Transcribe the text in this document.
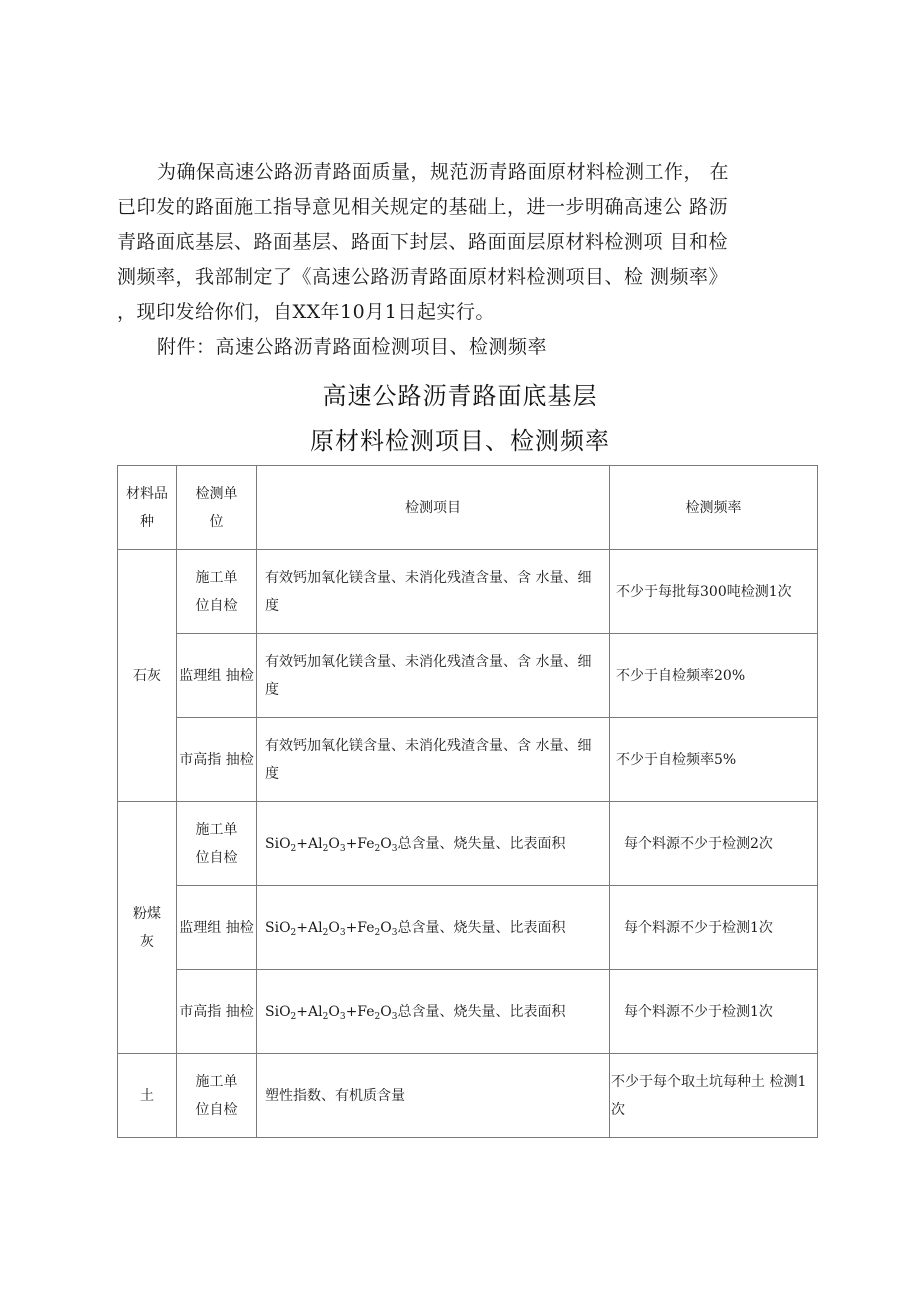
为确保高速公路沥青路面质量，规范沥青路面原材料检测工作， 在
已印发的路面施工指导意见相关规定的基础上，进一步明确高速公 路沥
青路面底基层、路面基层、路面下封层、路面面层原材料检测项 目和检
测频率，我部制定了《高速公路沥青路面原材料检测项目、检 测频率》
，现印发给你们，自XX年10月1日起实行。
附件：高速公路沥青路面检测项目、检测频率
高速公路沥青路面底基层
原材料检测项目、检测频率
材料品种	检测单位	检测项目	检测频率
石灰	施工单位自检	有效钙加氧化镁含量、未消化残渣含量、含 水量、细度	不少于每批每300吨检测1次
	监理组 抽检	有效钙加氧化镁含量、未消化残渣含量、含 水量、细度	不少于自检频率20%
	市高指 抽检	有效钙加氧化镁含量、未消化残渣含量、含 水量、细度	不少于自检频率5%
粉煤灰	施工单位自检	$SiO_2+Al_2O_3+Fe_2O_3$总含量、烧失量、比表面积	每个料源不少于检测2次
	监理组 抽检	$SiO_2+Al_2O_3+Fe_2O_3$总含量、烧失量、比表面积	每个料源不少于检测1次
	市高指 抽检	$SiO_2+Al_2O_3+Fe_2O_3$总含量、烧失量、比表面积	每个料源不少于检测1次
土	施工单位自检	塑性指数、有机质含量	不少于每个取土坑每种土 检测1次
